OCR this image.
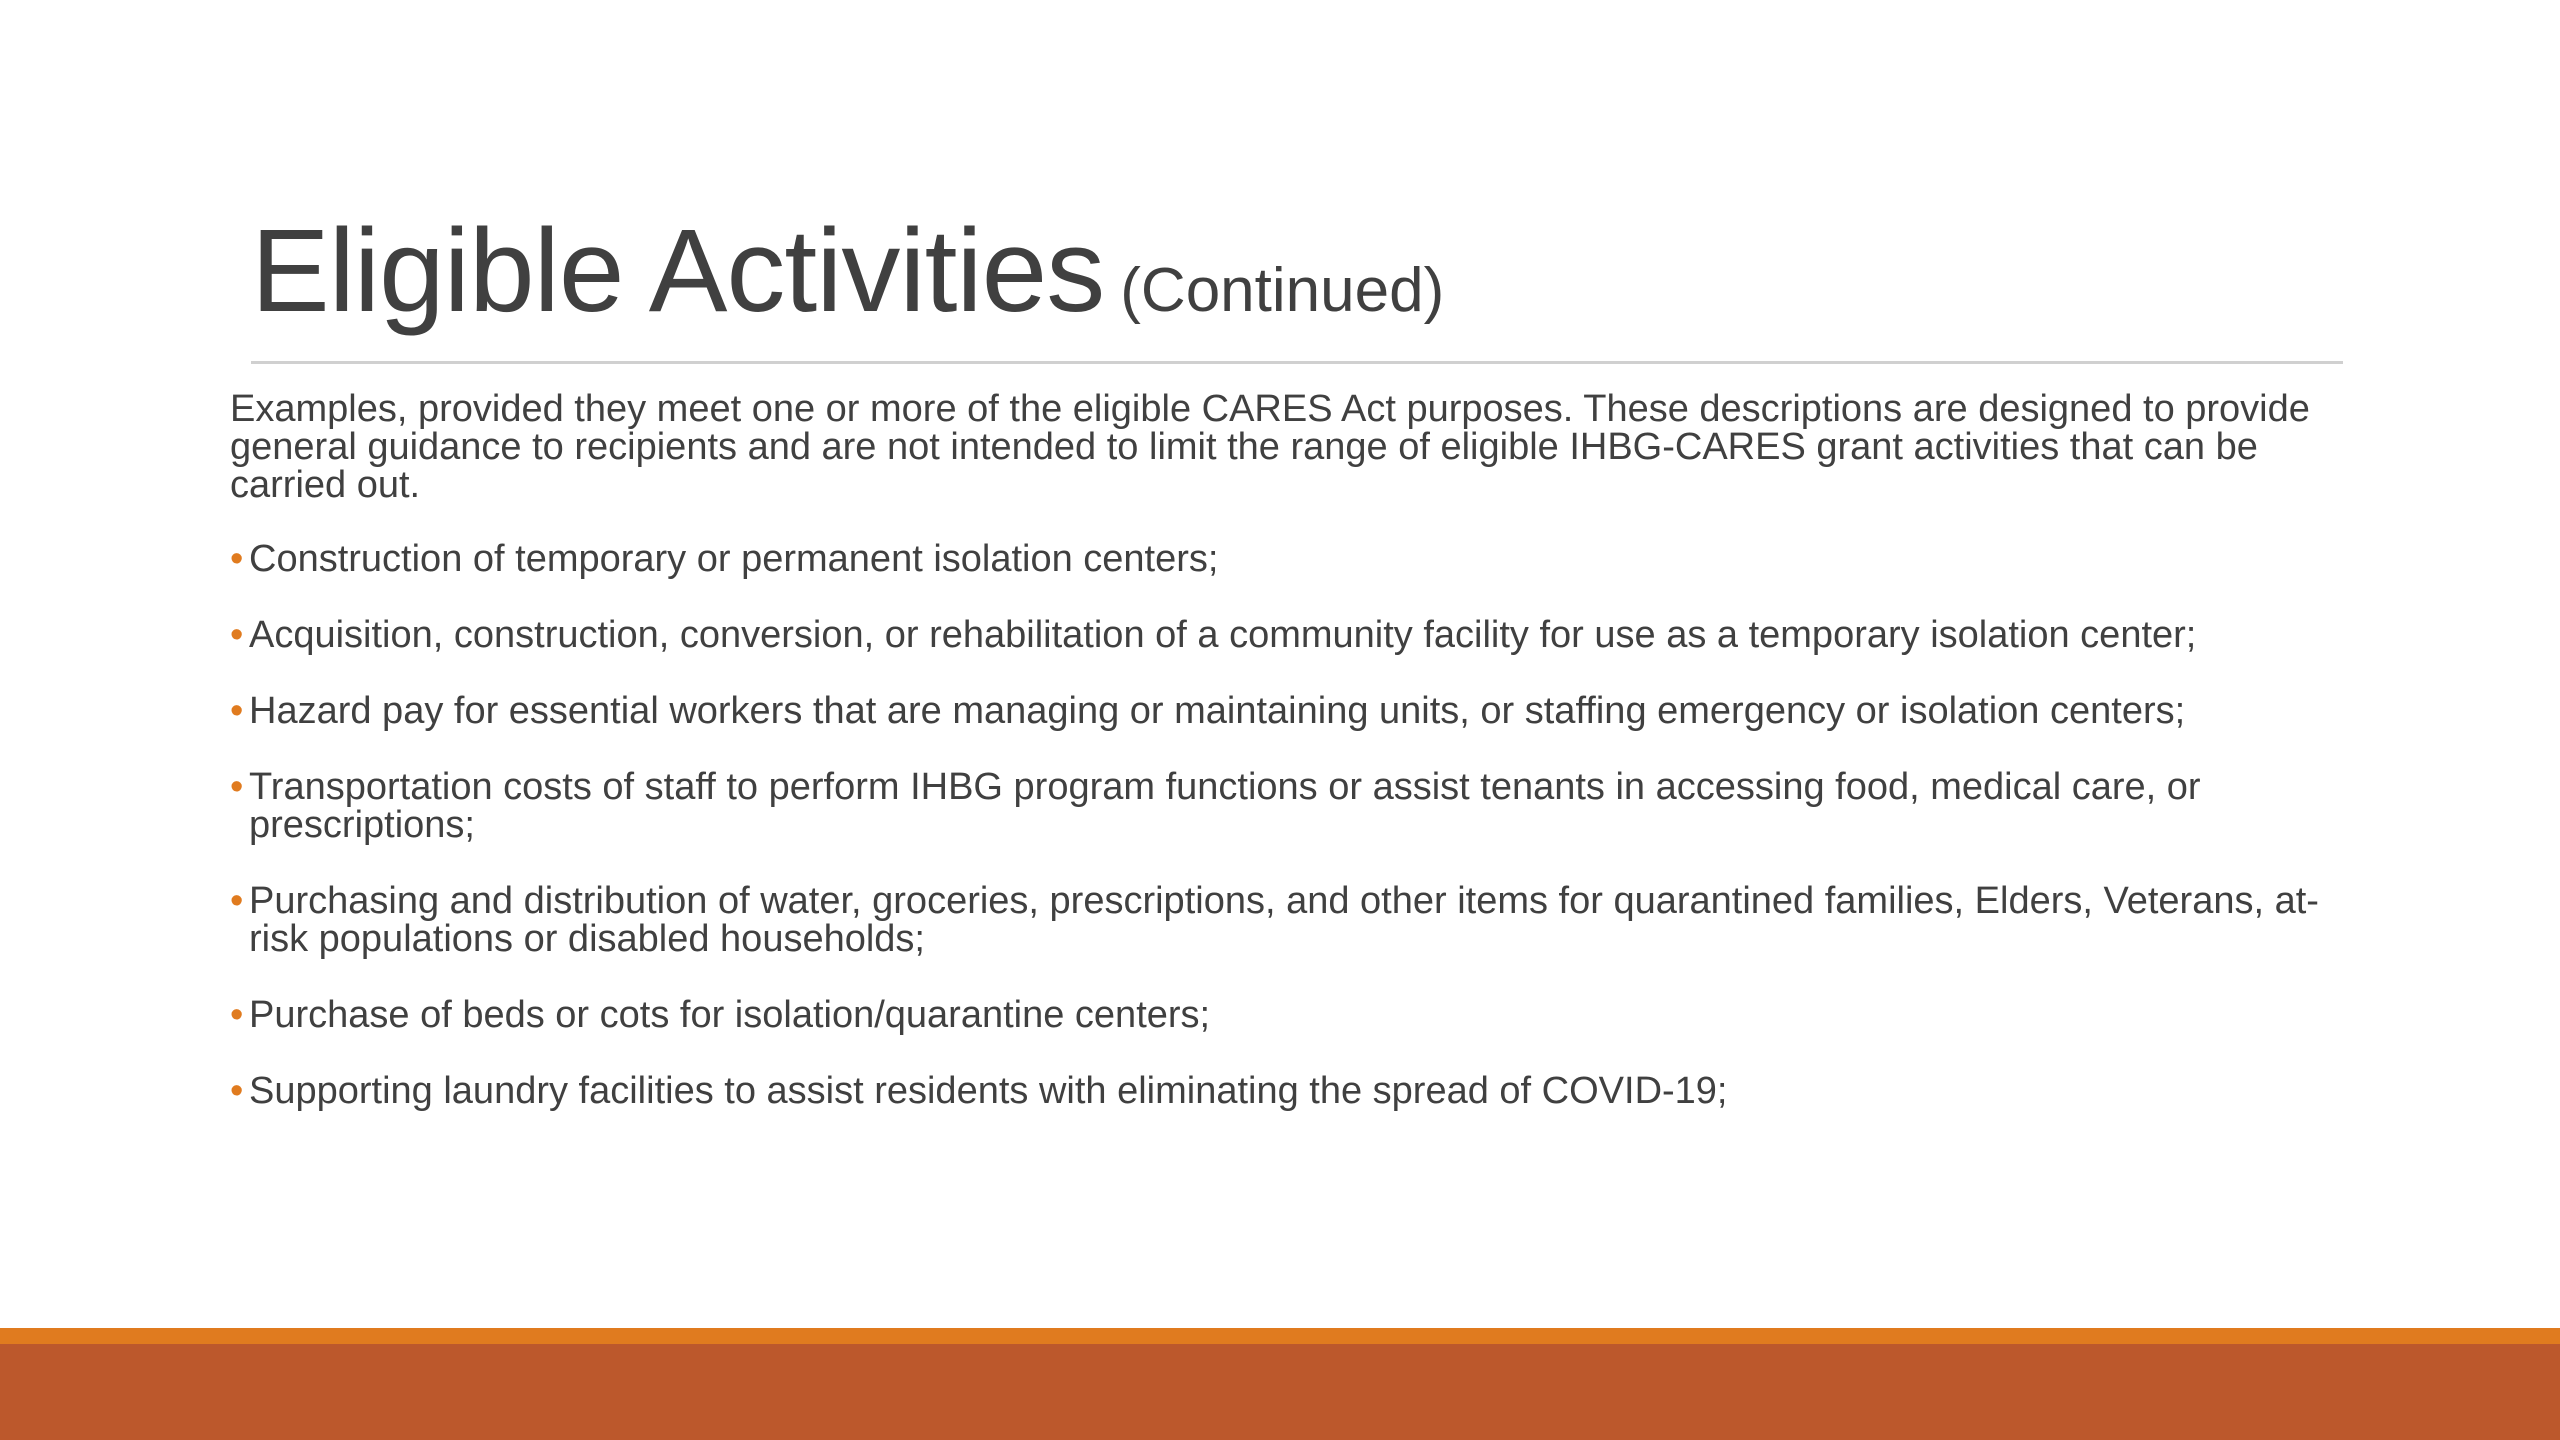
Eligible Activities (Continued)

Examples, provided they meet one or more of the eligible CARES Act purposes. These descriptions are designed to provide general guidance to recipients and are not intended to limit the range of eligible IHBG-CARES grant activities that can be carried out.

• Construction of temporary or permanent isolation centers;
• Acquisition, construction, conversion, or rehabilitation of a community facility for use as a temporary isolation center;
• Hazard pay for essential workers that are managing or maintaining units, or staffing emergency or isolation centers;
• Transportation costs of staff to perform IHBG program functions or assist tenants in accessing food, medical care, or prescriptions;
• Purchasing and distribution of water, groceries, prescriptions, and other items for quarantined families, Elders, Veterans, at-risk populations or disabled households;
• Purchase of beds or cots for isolation/quarantine centers;
• Supporting laundry facilities to assist residents with eliminating the spread of COVID-19;
